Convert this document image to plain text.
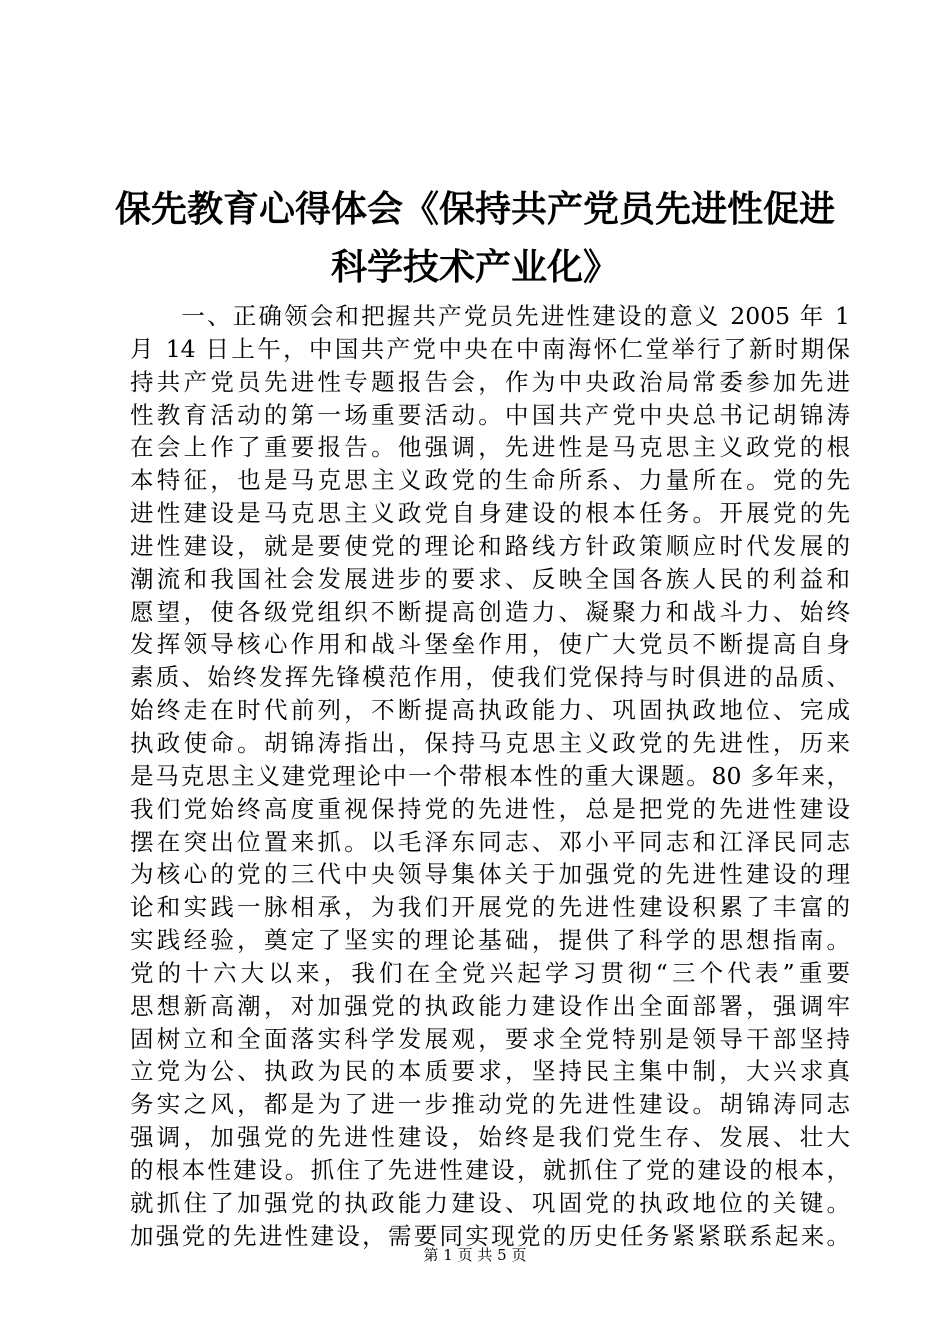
保先教育心得体会《保持共产党员先进性促进
科学技术产业化》
　　一、正确领会和把握共产党员先进性建设的意义 2005 年 1
月 14 日上午，中国共产党中央在中南海怀仁堂举行了新时期保
持共产党员先进性专题报告会，作为中央政治局常委参加先进
性教育活动的第一场重要活动。中国共产党中央总书记胡锦涛
在会上作了重要报告。他强调，先进性是马克思主义政党的根
本特征，也是马克思主义政党的生命所系、力量所在。党的先
进性建设是马克思主义政党自身建设的根本任务。开展党的先
进性建设，就是要使党的理论和路线方针政策顺应时代发展的
潮流和我国社会发展进步的要求、反映全国各族人民的利益和
愿望，使各级党组织不断提高创造力、凝聚力和战斗力、始终
发挥领导核心作用和战斗堡垒作用，使广大党员不断提高自身
素质、始终发挥先锋模范作用，使我们党保持与时俱进的品质、
始终走在时代前列，不断提高执政能力、巩固执政地位、完成
执政使命。胡锦涛指出，保持马克思主义政党的先进性，历来
是马克思主义建党理论中一个带根本性的重大课题。80 多年来，
我们党始终高度重视保持党的先进性，总是把党的先进性建设
摆在突出位置来抓。以毛泽东同志、邓小平同志和江泽民同志
为核心的党的三代中央领导集体关于加强党的先进性建设的理
论和实践一脉相承，为我们开展党的先进性建设积累了丰富的
实践经验，奠定了坚实的理论基础，提供了科学的思想指南。
党的十六大以来，我们在全党兴起学习贯彻“三个代表”重要
思想新高潮，对加强党的执政能力建设作出全面部署，强调牢
固树立和全面落实科学发展观，要求全党特别是领导干部坚持
立党为公、执政为民的本质要求，坚持民主集中制，大兴求真
务实之风，都是为了进一步推动党的先进性建设。胡锦涛同志
强调，加强党的先进性建设，始终是我们党生存、发展、壮大
的根本性建设。抓住了先进性建设，就抓住了党的建设的根本，
就抓住了加强党的执政能力建设、巩固党的执政地位的关键。
加强党的先进性建设，需要同实现党的历史任务紧紧联系起来。
第 1 页 共 5 页
